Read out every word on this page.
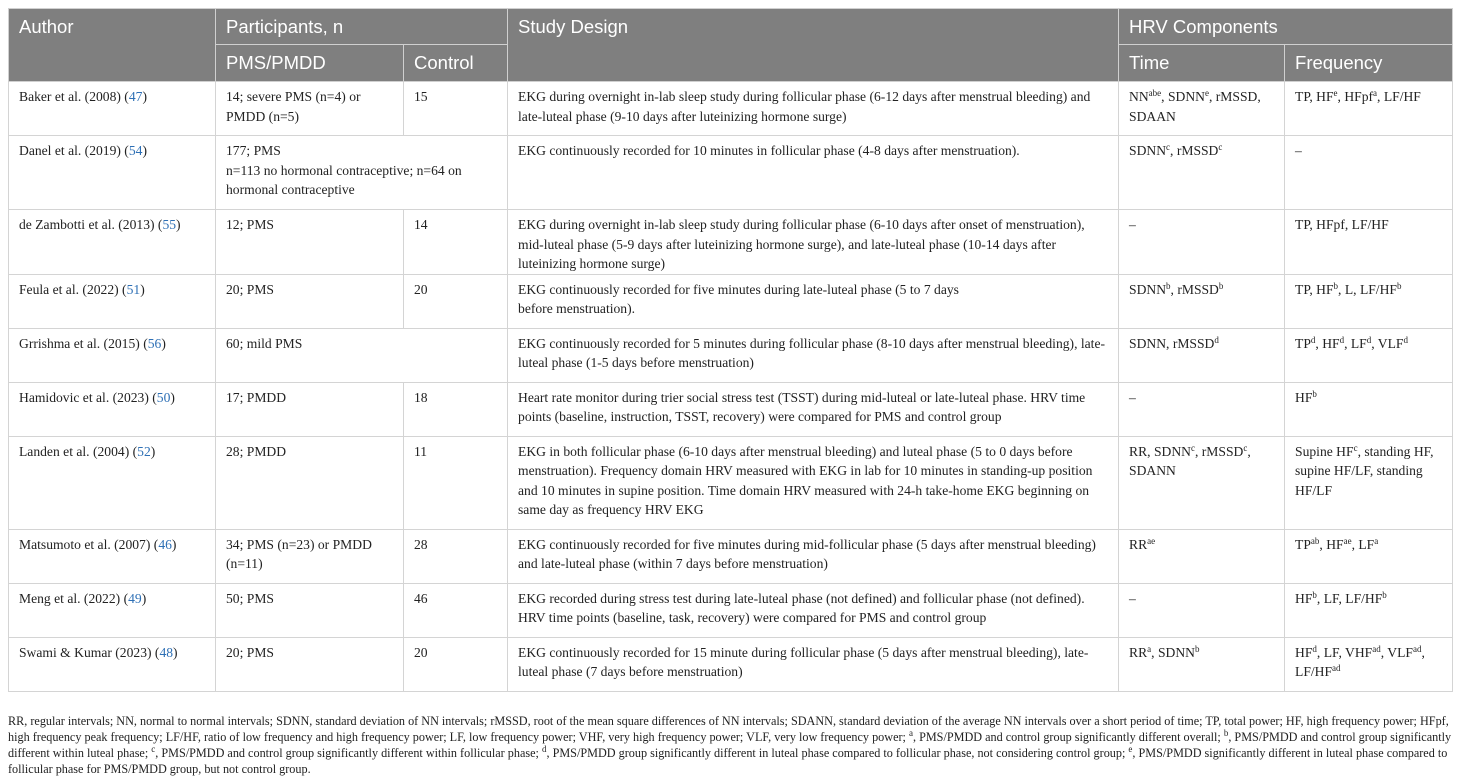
Author	Participants, n		Study Design	HRV Components	
	PMS/PMDD	Control		Time	Frequency
Baker et al. (2008) (47)	14; severe PMS (n=4) or PMDD (n=5)	15	EKG during overnight in-lab sleep study during follicular phase (6-12 days after menstrual bleeding) and late-luteal phase (9-10 days after luteinizing hormone surge)	$NN^{abe}$, SDNN$^e$, rMSSD, SDAAN	TP, $HF^e$, HFpf$^a$, LF/HF
Danel et al. (2019) (54)	177; PMS
n=113 no hormonal contraceptive; n=64 on hormonal contraceptive		EKG continuously recorded for 10 minutes in follicular phase (4-8 days after menstruation).	SDNN$^c$, rMSSD$^c$	–
de Zambotti et al. (2013) (55)	12; PMS	14	EKG during overnight in-lab sleep study during follicular phase (6-10 days after onset of menstruation), mid-luteal phase (5-9 days after luteinizing hormone surge), and late-luteal phase (10-14 days after luteinizing hormone surge)	–	TP, HFpf, LF/HF
Feula et al. (2022) (51)	20; PMS	20	EKG continuously recorded for five minutes during late-luteal phase (5 to 7 days
before menstruation).	SDNN$^b$, rMSSD$^b$	TP, $HF^b$, L, $LF/HF^b$
Grrishma et al. (2015) (56)	60; mild PMS		EKG continuously recorded for 5 minutes during follicular phase (8-10 days after menstrual bleeding), late-luteal phase (1-5 days before menstruation)	SDNN, rMSSD$^d$	$TP^d$, $HF^d$, $LF^d$, VLF$^d$
Hamidovic et al. (2023) (50)	17; PMDD	18	Heart rate monitor during trier social stress test (TSST) during mid-luteal or late-luteal phase. HRV time points (baseline, instruction, TSST, recovery) were compared for PMS and control group	–	$HF^b$
Landen et al. (2004) (52)	28; PMDD	11	EKG in both follicular phase (6-10 days after menstrual bleeding) and luteal phase (5 to 0 days before menstruation). Frequency domain HRV measured with EKG in lab for 10 minutes in standing-up position and 10 minutes in supine position. Time domain HRV measured with 24-h take-home EKG beginning on same day as frequency HRV EKG	RR, SDNN$^c$, rMSSD$^c$, SDANN	Supine $HF^c$, standing HF, supine HF/LF, standing HF/LF
Matsumoto et al. (2007) (46)	34; PMS (n=23) or PMDD (n=11)	28	EKG continuously recorded for five minutes during mid-follicular phase (5 days after menstrual bleeding) and late-luteal phase (within 7 days before menstruation)	$RR^{ae}$	$TP^{ab}$, $HF^{ae}$, $LF^a$
Meng et al. (2022) (49)	50; PMS	46	EKG recorded during stress test during late-luteal phase (not defined) and follicular phase (not defined). HRV time points (baseline, task, recovery) were compared for PMS and control group	–	$HF^b$, LF, $LF/HF^b$
Swami & Kumar (2023) (48)	20; PMS	20	EKG continuously recorded for 15 minute during follicular phase (5 days after menstrual bleeding), late-luteal phase (7 days before menstruation)	$RR^a$, SDNN$^b$	$HF^d$, LF, $VHF^{ad}$, $VLF^{ad}$, $LF/HF^{ad}$
RR, regular intervals; NN, normal to normal intervals; SDNN, standard deviation of NN intervals; rMSSD, root of the mean square differences of NN intervals; SDANN, standard deviation of the average NN intervals over a short period of time; TP, total power; HF, high frequency power; HFpf, high frequency peak frequency; LF/HF, ratio of low frequency and high frequency power; LF, low frequency power; VHF, very high frequency power; VLF, very low frequency power; $^a$, PMS/PMDD and control group significantly different overall; $^b$, PMS/PMDD and control group significantly different within luteal phase; $^c$, PMS/PMDD and control group significantly different within follicular phase; $^d$, PMS/PMDD group significantly different in luteal phase compared to follicular phase, not considering control group; $^e$, PMS/PMDD significantly different in luteal phase compared to follicular phase for PMS/PMDD group, but not control group.
